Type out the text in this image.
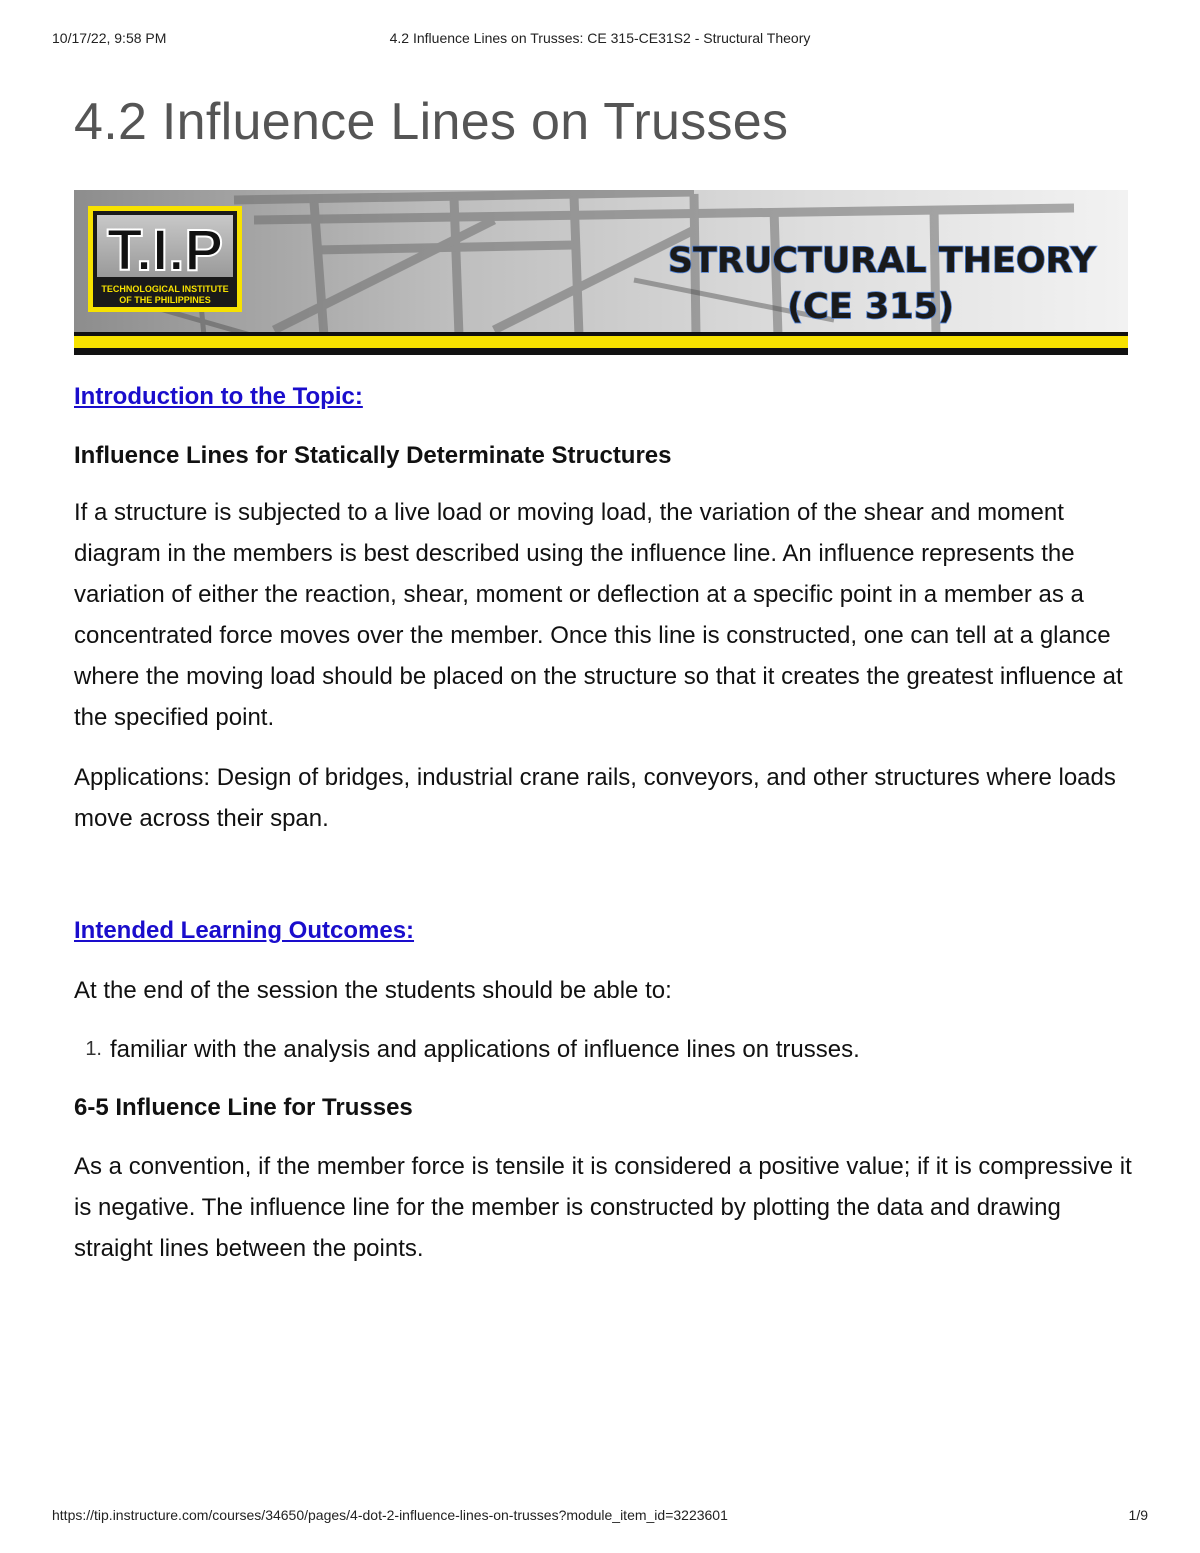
10/17/22, 9:58 PM	4.2 Influence Lines on Trusses: CE 315-CE31S2 - Structural Theory
4.2 Influence Lines on Trusses
T.I.P
TECHNOLOGICAL INSTITUTE
OF THE PHILIPPINES
STRUCTURAL THEORY
(CE 315)
Introduction to the Topic:
Influence Lines for Statically Determinate Structures

If a structure is subjected to a live load or moving load, the variation of the shear and moment diagram in the members is best described using the influence line. An influence represents the variation of either the reaction, shear, moment or deflection at a specific point in a member as a concentrated force moves over the member. Once this line is constructed, one can tell at a glance where the moving load should be placed on the structure so that it creates the greatest influence at the specified point.

Applications: Design of bridges, industrial crane rails, conveyors, and other structures where loads move across their span.

Intended Learning Outcomes:

At the end of the session the students should be able to:

1. familiar with the analysis and applications of influence lines on trusses.
6-5 Influence Line for Trusses

As a convention, if the member force is tensile it is considered a positive value; if it is compressive it is negative. The influence line for the member is constructed by plotting the data and drawing straight lines between the points.

https://tip.instructure.com/courses/34650/pages/4-dot-2-influence-lines-on-trusses?module_item_id=3223601	1/9
